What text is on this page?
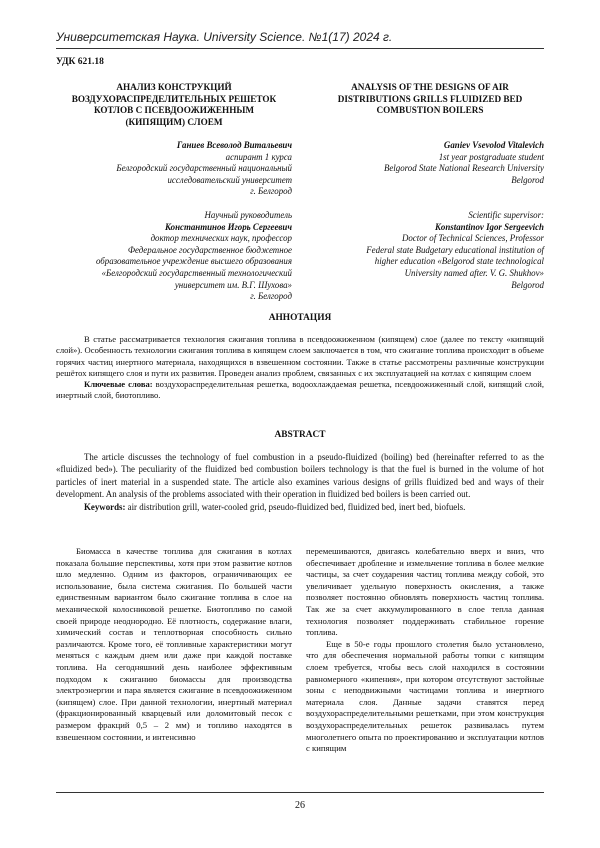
Университетская Наука. University Science. №1(17) 2024 г.
УДК 621.18
АНАЛИЗ КОНСТРУКЦИЙ
ВОЗДУХОРАСПРЕДЕЛИТЕЛЬНЫХ РЕШЕТОК
КОТЛОВ С ПСЕВДООЖИЖЕННЫМ
(КИПЯЩИМ) СЛОЕМ
ANALYSIS OF THE DESIGNS OF AIR
DISTRIBUTIONS GRILLS FLUIDIZED BED
COMBUSTION BOILERS
Ганиев Всеволод Витальевич
аспирант 1 курса
Белгородский государственный национальный
исследовательский университет
г. Белгород
Ganiev Vsevolod Vitalevich
1st year postgraduate student
Belgorod State National Research University
Belgorod
Научный руководитель
Константинов Игорь Сергеевич
доктор технических наук, профессор
Федеральное государственное бюджетное
образовательное учреждение высшего образования
«Белгородский государственный технологический
университет им. В.Г. Шухова»
г. Белгород
Scientific supervisor:
Konstantinov Igor Sergeevich
Doctor of Technical Sciences, Professor
Federal state Budgetary educational institution of
higher education «Belgorod state technological
University named after. V. G. Shukhov»
Belgorod
АННОТАЦИЯ

В статье рассматривается технология сжигания топлива в псевдоожиженном (кипящем) слое (далее по тексту «кипящий слой»). Особенность технологии сжигания топлива в кипящем слоем заключается в том, что сжигание топлива происходит в объеме горячих частиц инертного материала, находящихся в взвешенном состоянии. Также в статье рассмотрены различные конструкции решётох кипящего слоя и пути их развития. Проведен анализ проблем, связанных с их эксплуатацией на котлах с кипящим слоем

Ключевые слова: воздухораспределительная решетка, водоохлаждаемая решетка, псевдоожиженный слой, кипящий слой, инертный слой, биотопливо.

ABSTRACT

The article discusses the technology of fuel combustion in a pseudo-fluidized (boiling) bed (hereinafter referred to as the «fluidized bed»). The peculiarity of the fluidized bed combustion boilers technology is that the fuel is burned in the volume of hot particles of inert material in a suspended state. The article also examines various designs of grills fluidized bed and ways of their development. An analysis of the problems associated with their operation in fluidized bed boilers is been carried out.

Keywords: air distribution grill, water-cooled grid, pseudo-fluidized bed, fluidized bed, inert bed, biofuels.

Биомасса в качестве топлива для сжигания в котлах показала большие перспективы, хотя при этом развитие котлов шло медленно. Одним из факторов, ограничивающих ее использование, была система сжигания. По большей части единственным вариантом было сжигание топлива в слое на механической колосниковой решетке. Биотопливо по самой своей природе неоднородно. Её плотность, содержание влаги, химический состав и теплотворная способность сильно различаются. Кроме того, её топливные характеристики могут меняться с каждым днем или даже при каждой поставке топлива. На сегодняшний день наиболее эффективным подходом к сжиганию биомассы для производства электроэнергии и пара является сжигание в псевдоожиженном (кипящем) слое. При данной технологии, инертный материал (фракционированный кварцевый или доломитовый песок с размером фракций 0,5 – 2 мм) и топливо находятся в взвешенном состоянии, и интенсивно

перемешиваются, двигаясь колебательно вверх и вниз, что обеспечивает дробление и измельчение топлива в более мелкие частицы, за счет соударения частиц топлива между собой, это увеличивает удельную поверхность окисления, а также позволяет постоянно обновлять поверхность частиц топлива. Так же за счет аккумулированного в слое тепла данная технология позволяет поддерживать стабильное горение топлива.

Еще в 50-е годы прошлого столетия было установлено, что для обеспечения нормальной работы топки с кипящим слоем требуется, чтобы весь слой находился в состоянии равномерного «кипения», при котором отсутствуют застойные зоны с неподвижными частицами топлива и инертного материала слоя. Данные задачи ставятся перед воздухораспределительными решетками, при этом конструкция воздухораспределительных решеток развивалась путем многолетнего опыта по проектированию и эксплуатации котлов с кипящим

26
